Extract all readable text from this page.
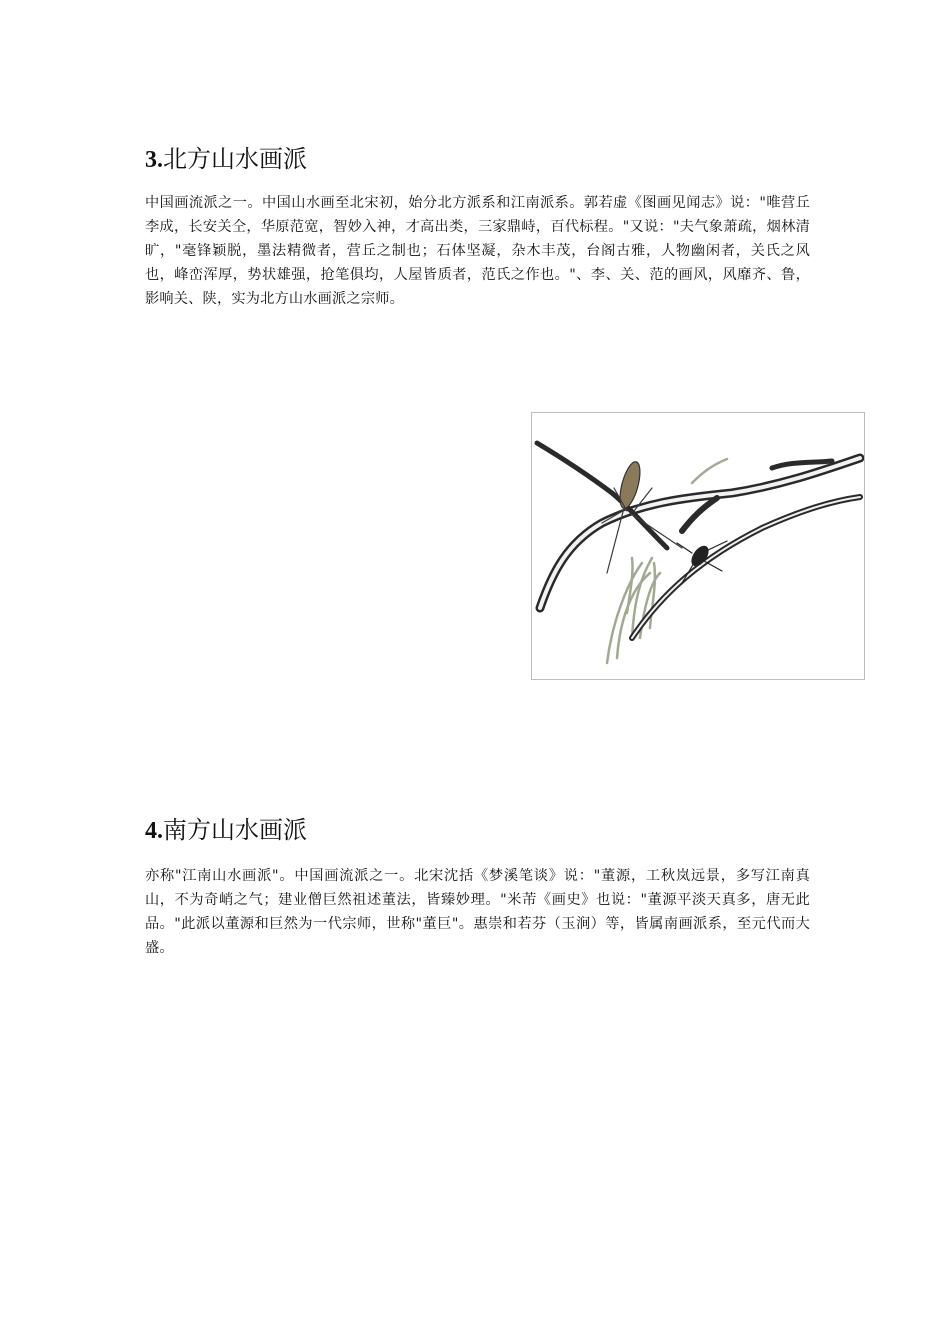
3.北方山水画派

中国画流派之一。中国山水画至北宋初，始分北方派系和江南派系。郭若虚《图画见闻志》说："唯营丘李成，长安关仝，华原范宽，智妙入神，才高出类，三家鼎峙，百代标程。"又说："夫气象萧疏，烟林清旷，"毫锋颖脱，墨法精微者，营丘之制也；石体坚凝，杂木丰茂，台阁古雅，人物幽闲者，关氏之风也，峰峦浑厚，势状雄强，抢笔俱均，人屋皆质者，范氏之作也。"、李、关、范的画风，风靡齐、鲁，影响关、陕，实为北方山水画派之宗师。

4.南方山水画派

亦称"江南山水画派"。中国画流派之一。北宋沈括《梦溪笔谈》说："董源，工秋岚远景，多写江南真山，不为奇峭之气；建业僧巨然祖述董法，皆臻妙理。"米芾《画史》也说："董源平淡天真多，唐无此品。"此派以董源和巨然为一代宗师，世称"董巨"。惠崇和若芬（玉涧）等，皆属南画派系，至元代而大盛。
